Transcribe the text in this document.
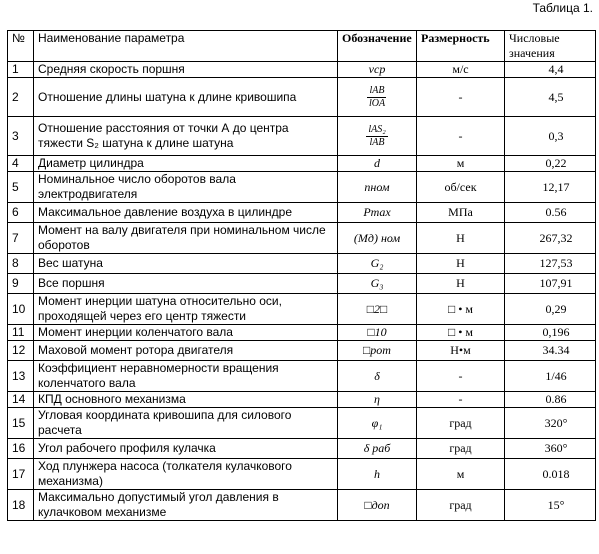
Таблица 1.
№	Наименование параметра	Обозначение	Размерность	Числовые значения
1	Средняя скорость поршня	vср	м/с	4,4
2	Отношение длины шатуна к длине кривошипа	$\frac{\text{lAB}}{\text{lOA}}$	-	4,5
3	Отношение расстояния от точки А до центра тяжести S₂ шатуна к длине шатуна	$\frac{\text{lAS₂}}{\text{lAB}}$	-	0,3
4	Диаметр цилиндра	d	м	0,22
5	Номинальное число оборотов вала электродвигателя	nном	об/сек	12,17
6	Максимальное давление воздуха в цилиндре	Pmax	МПа	0.56
7	Момент на валу двигателя при номинальном числе оборотов	(Мд) ном	H	267,32
8	Вес шатуна	G₂	H	127,53
9	Все поршня	G₃	H	107,91
10	Момент инерции шатуна относительно оси, проходящей через его центр тяжести	□2□	□ • м	0,29
11	Момент инерции коленчатого вала	□10	□ • м	0,196
12	Маховой момент ротора двигателя	□рот	H•м	34.34
13	Коэффициент неравномерности вращения коленчатого вала	δ	-	1/46
14	КПД основного механизма	η	-	0.86
15	Угловая координата кривошипа для силового расчета	φ₁	град	320°
16	Угол рабочего профиля кулачка	δ раб	град	360°
17	Ход плунжера насоса (толкателя кулачкового механизма)	h	м	0.018
18	Максимально допустимый угол давления в кулачковом механизме	□доп	град	15°
